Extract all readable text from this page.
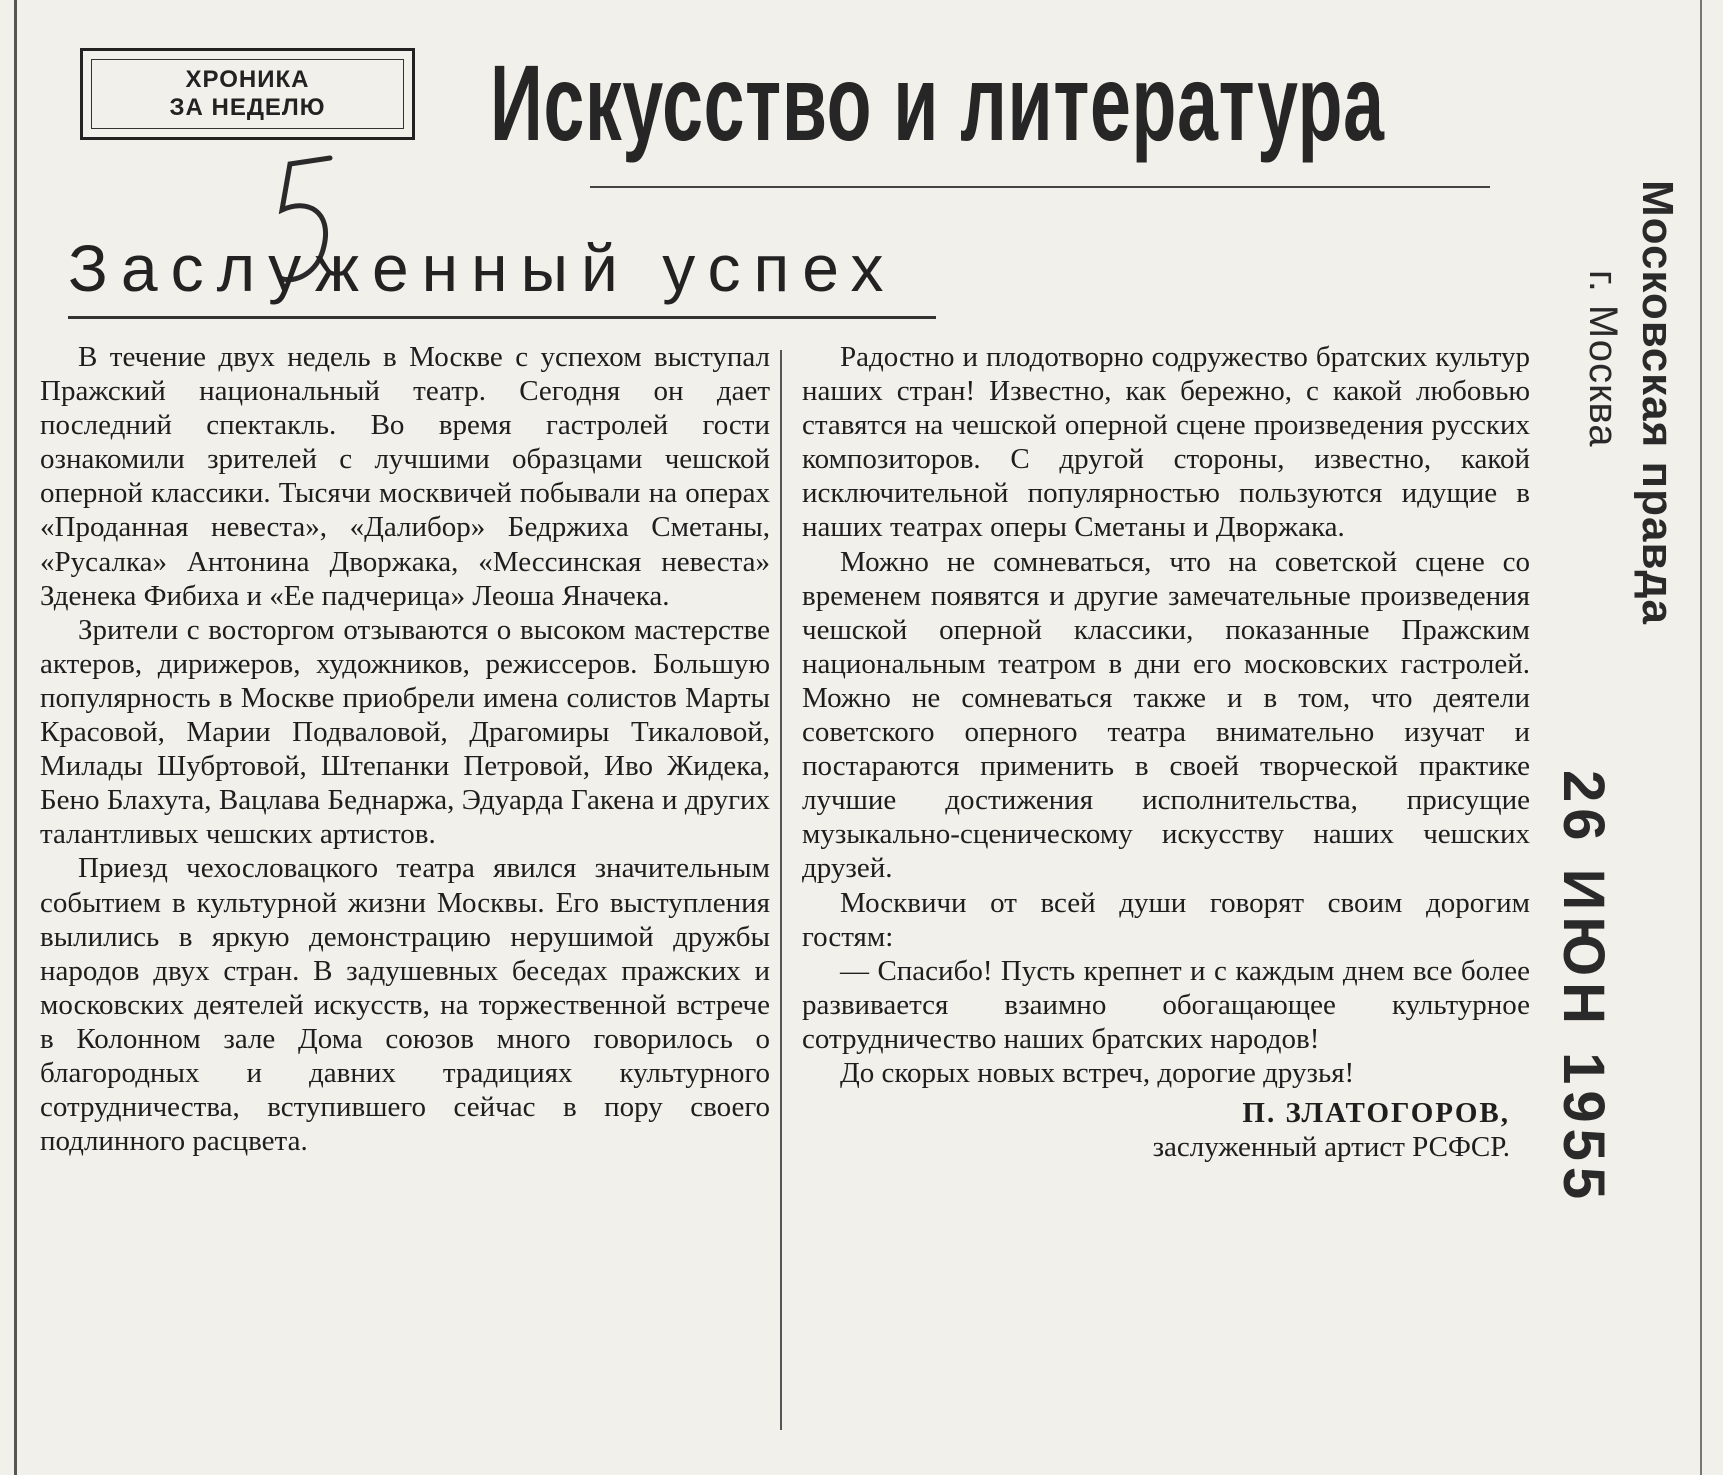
ХРОНИКА
ЗА НЕДЕЛЮ Искусство и литература
Заслуженный успех

В течение двух недель в Москве с успехом выступал Пражский национальный театр. Сегодня он дает последний спектакль. Во время гастролей гости ознакомили зрителей с лучшими образцами чешской оперной классики. Тысячи москвичей побывали на операх «Проданная невеста», «Далибор» Бедржиха Сметаны, «Русалка» Антонина Дворжака, «Мессинская невеста» Зденека Фибиха и «Ее падчерица» Леоша Яначека.

Зрители с восторгом отзываются о высоком мастерстве актеров, дирижеров, художников, режиссеров. Большую популярность в Москве приобрели имена солистов Марты Красовой, Марии Подваловой, Драгомиры Тикаловой, Милады Шубртовой, Штепанки Петровой, Иво Жидека, Бено Блахута, Вацлава Беднаржа, Эдуарда Гакена и других талантливых чешских артистов.

Приезд чехословацкого театра явился значительным событием в культурной жизни Москвы. Его выступления вылились в яркую демонстрацию нерушимой дружбы народов двух стран. В задушевных беседах пражских и московских деятелей искусств, на торжественной встрече в Колонном зале Дома союзов много говорилось о благородных и давних традициях культурного сотрудничества, вступившего сейчас в пору своего подлинного расцвета.

Радостно и плодотворно содружество братских культур наших стран! Известно, как бережно, с какой любовью ставятся на чешской оперной сцене произведения русских композиторов. С другой стороны, известно, какой исключительной популярностью пользуются идущие в наших театрах оперы Сметаны и Дворжака.

Можно не сомневаться, что на советской сцене со временем появятся и другие замечательные произведения чешской оперной классики, показанные Пражским национальным театром в дни его московских гастролей. Можно не сомневаться также и в том, что деятели советского оперного театра внимательно изучат и постараются применить в своей творческой практике лучшие достижения исполнительства, присущие музыкально-сценическому искусству наших чешских друзей.

Москвичи от всей души говорят своим дорогим гостям:

— Спасибо! Пусть крепнет и с каждым днем все более развивается взаимно обогащающее культурное сотрудничество наших братских народов!

До скорых новых встреч, дорогие друзья!

П. ЗЛАТОГОРОВ,

заслуженный артист РСФСР.

Московская правда
г. Москва
26 ИЮН 1955
